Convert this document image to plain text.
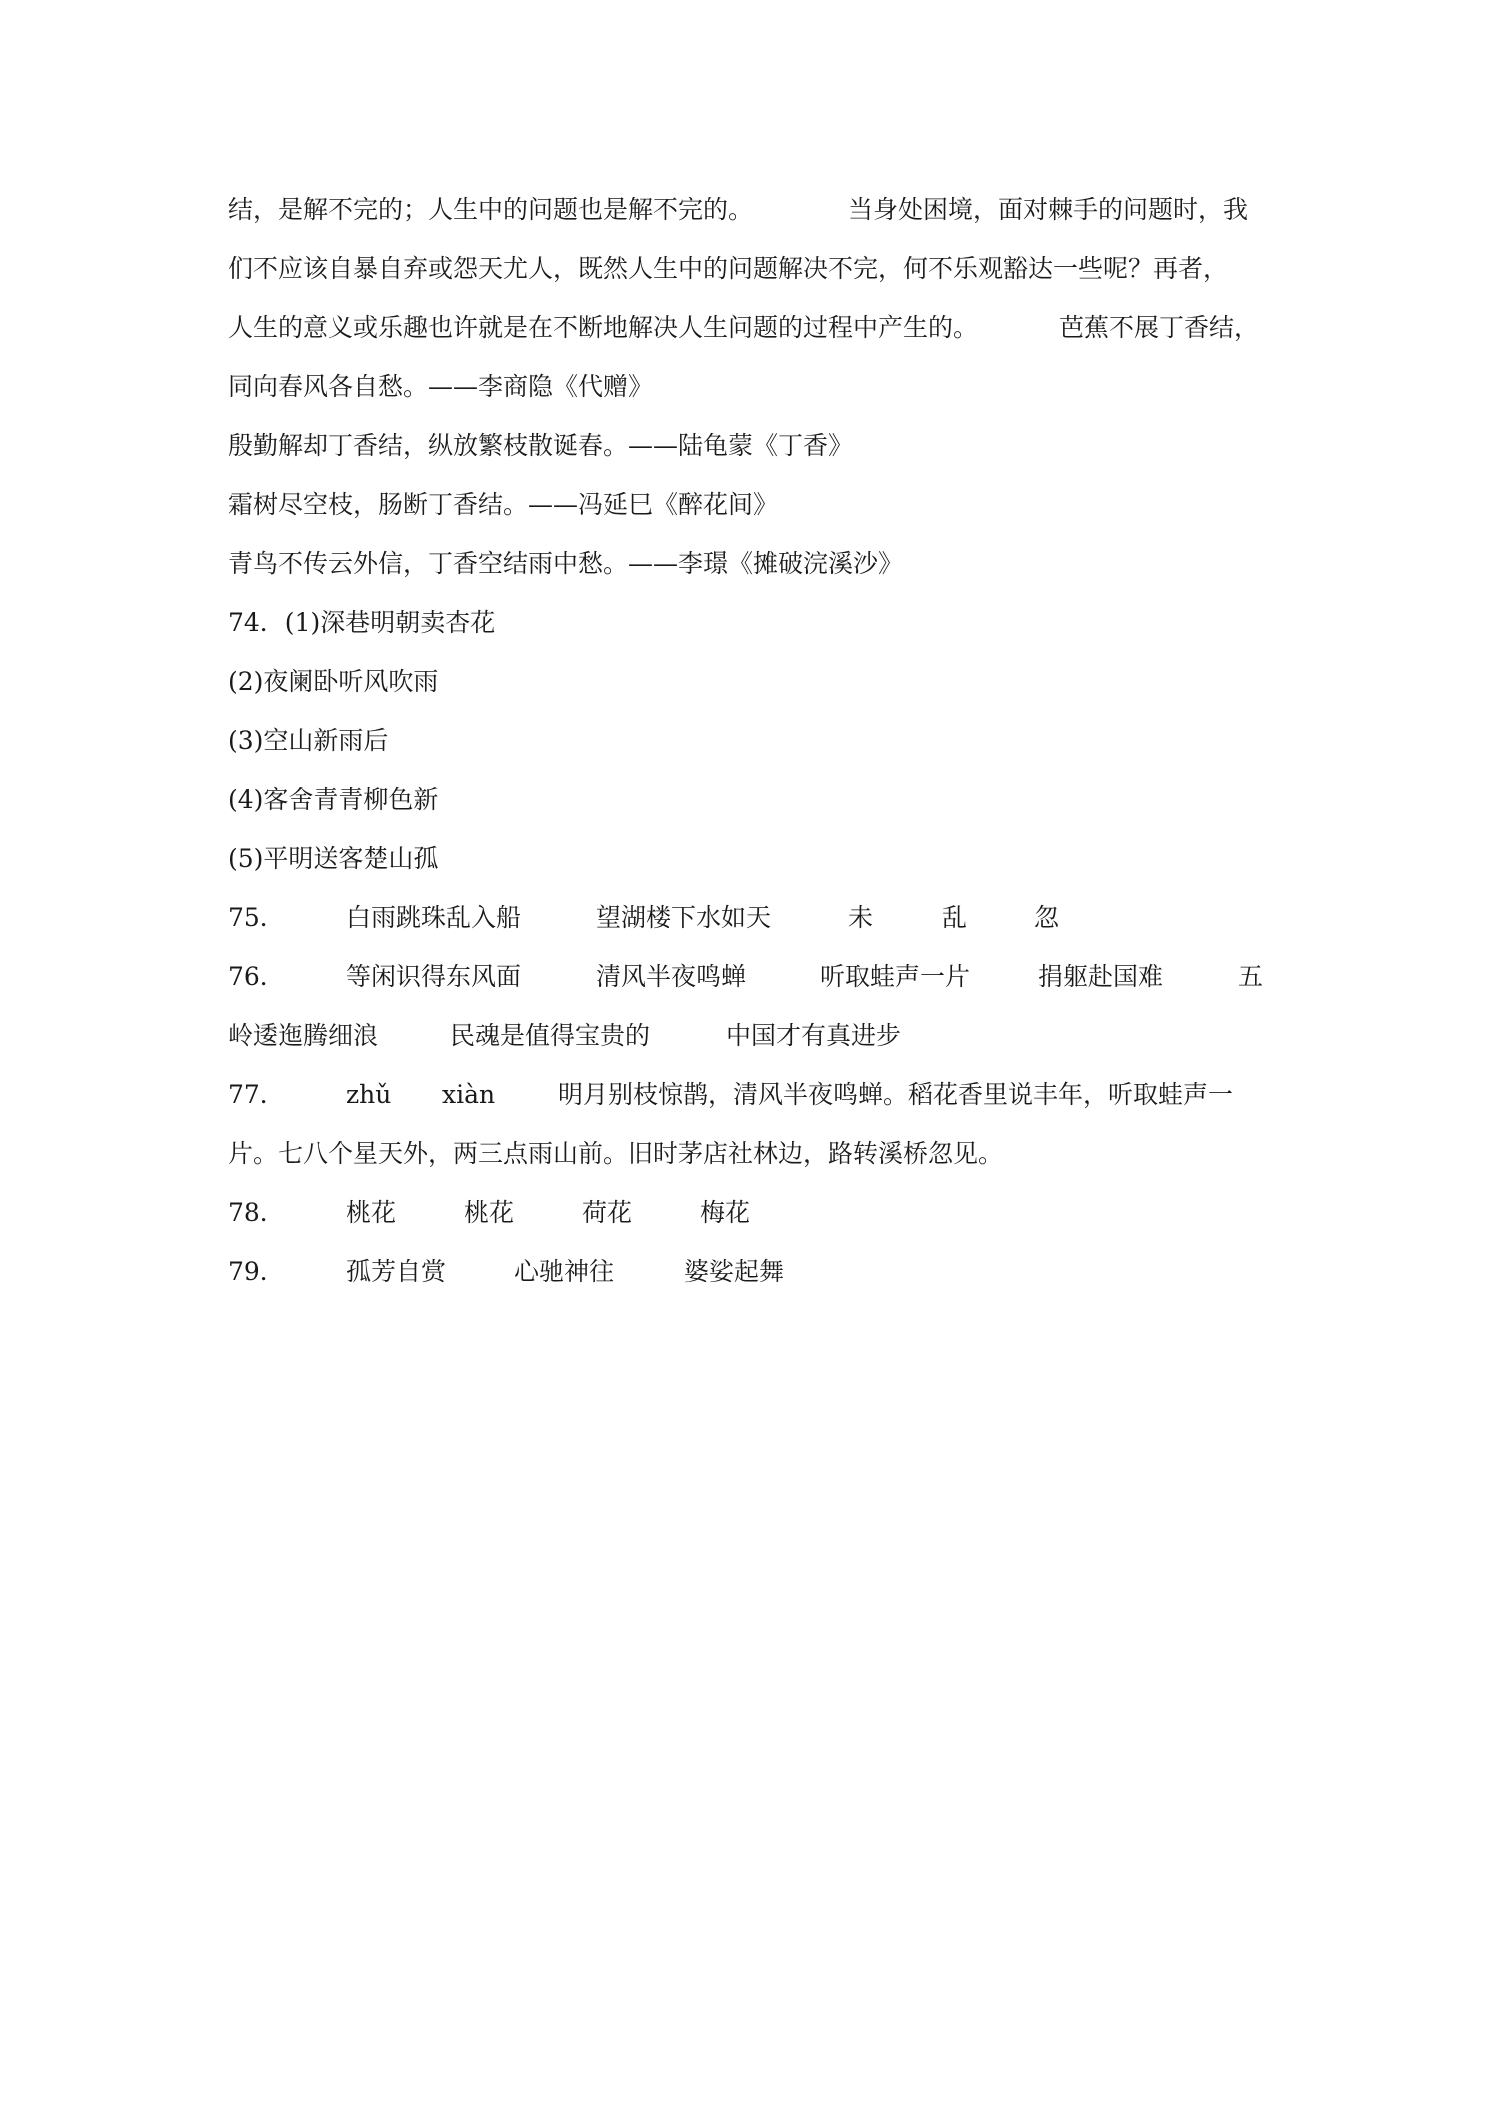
结，是解不完的；人生中的问题也是解不完的。	当身处困境，面对棘手的问题时，我
们不应该自暴自弃或怨天尤人，既然人生中的问题解决不完，何不乐观豁达一些呢？再者，
人生的意义或乐趣也许就是在不断地解决人生问题的过程中产生的。	芭蕉不展丁香结，
同向春风各自愁。——李商隐《代赠》
殷勤解却丁香结，纵放繁枝散诞春。——陆龟蒙《丁香》
霜树尽空枝，肠断丁香结。——冯延巳《醉花间》
青鸟不传云外信，丁香空结雨中愁。——李璟《摊破浣溪沙》
74．(1)深巷明朝卖杏花
(2)夜阑卧听风吹雨
(3)空山新雨后
(4)客舍青青柳色新
(5)平明送客楚山孤
75． 白雨跳珠乱入船	望湖楼下水如天	未	乱	忽
76． 等闲识得东风面	清风半夜鸣蝉	听取蛙声一片	捐躯赴国难	五
岭逶迤腾细浪	民魂是值得宝贵的	中国才有真进步
77． zhǔ xiàn	明月别枝惊鹊，清风半夜鸣蝉。稻花香里说丰年，听取蛙声一
片。七八个星天外，两三点雨山前。旧时茅店社林边，路转溪桥忽见。
78． 桃花	桃花	荷花	梅花
79． 孤芳自赏	心驰神往	婆娑起舞
